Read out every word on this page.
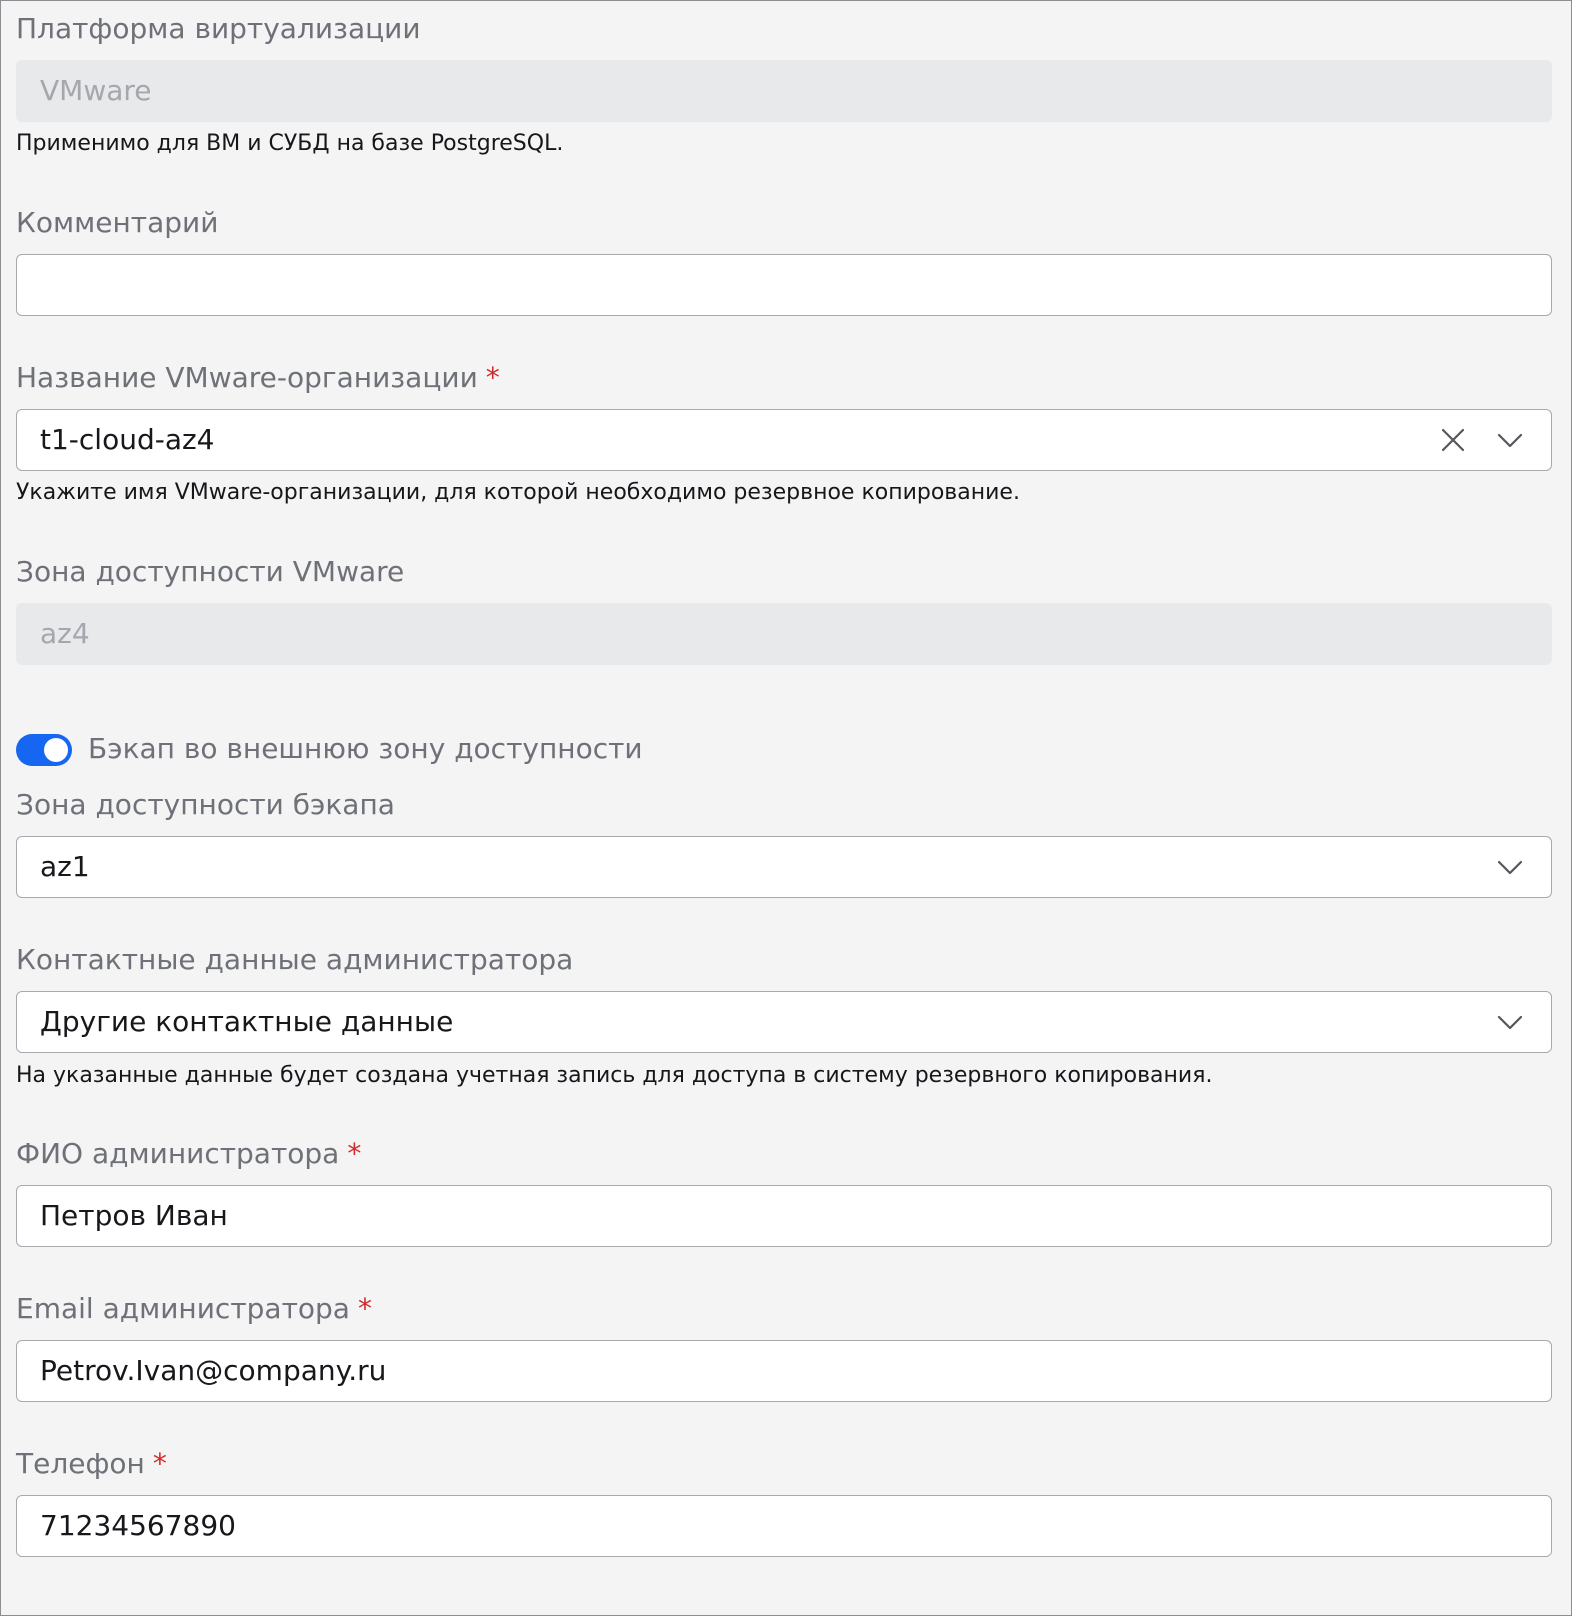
Платформа виртуализации
VMware
Применимо для ВМ и СУБД на базе PostgreSQL.
Комментарий
Название VMware-организации *
t1-cloud-az4
Укажите имя VMware-организации, для которой необходимо резервное копирование.
Зона доступности VMware
az4
Бэкап во внешнюю зону доступности
Зона доступности бэкапа
az1
Контактные данные администратора
Другие контактные данные
На указанные данные будет создана учетная запись для доступа в систему резервного копирования.
ФИО администратора *
Петров Иван
Email администратора *
Petrov.Ivan@company.ru
Телефон *
71234567890
